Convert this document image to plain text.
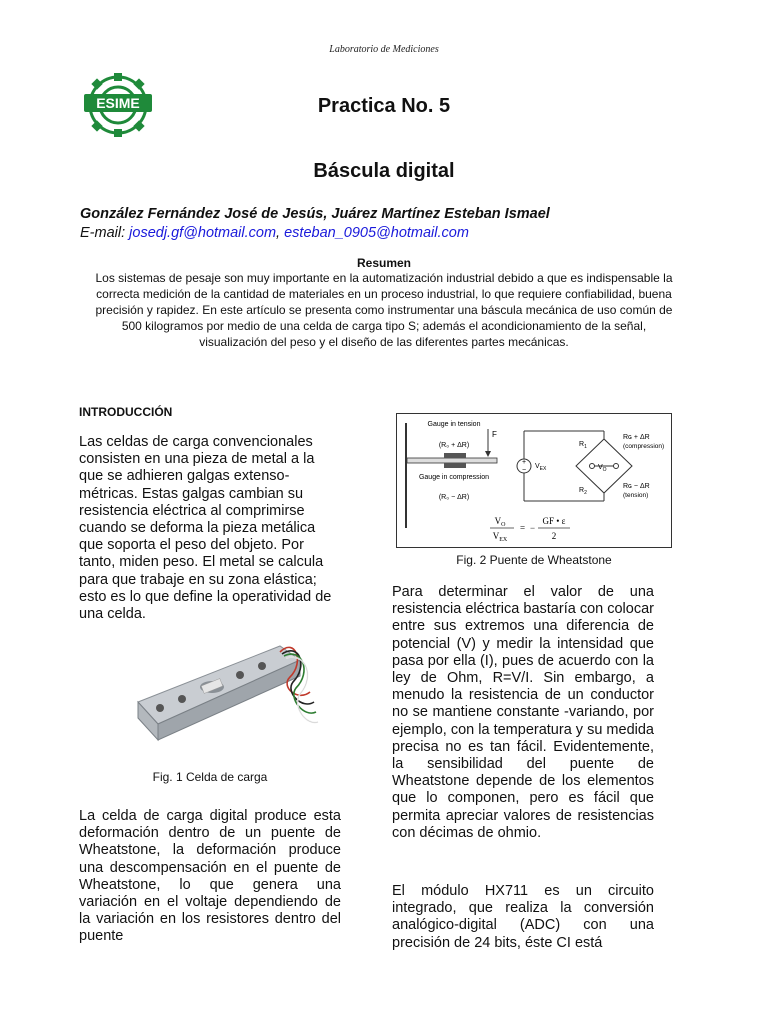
Laboratorio de Mediciones
ESIME	Practica No. 5
Báscula digital
González Fernández José de Jesús, Juárez Martínez Esteban Ismael
E-mail: josedj.gf@hotmail.com, esteban_0905@hotmail.com
Resumen
Los sistemas de pesaje son muy importante en la automatización industrial debido a que es indispensable la correcta medición de la cantidad de materiales en un proceso industrial, lo que requiere confiabilidad, buena precisión y rapidez. En este artículo se presenta como instrumentar una báscula mecánica de uso común de 500 kilogramos por medio de una celda de carga tipo S; además el acondicionamiento de la señal, visualización del peso y el diseño de las diferentes partes mecánicas.
INTRODUCCIÓN

Las celdas de carga convencionales consisten en una pieza de metal a la que se adhieren galgas extenso-métricas. Estas galgas cambian su resistencia eléctrica al comprimirse cuando se deforma la pieza metálica que soporta el peso del objeto. Por tanto, miden peso. El metal se calcula para que trabaje en su zona elástica; esto es lo que define la operatividad de una celda.

Fig. 1 Celda de carga

La celda de carga digital produce esta deformación dentro de un puente de Wheatstone, la deformación produce una descompensación en el puente de Wheatstone, lo que genera una variación en el voltaje dependiendo de la variación en los resistores dentro del puente

F
Gauge in tension
(R₀ + ΔR)
Gauge in compression
(R₀ − ΔR)
+
−
$V_{EX}$	$V_O$
$R_1$
$R_2$
Rɢ + ΔR
(compression)
Rɢ − ΔR
(tension)
$V_O$
$V_{EX}$
= −
GF • ε
2
Fig. 2 Puente de Wheatstone

Para determinar el valor de una resistencia eléctrica bastaría con colocar entre sus extremos una diferencia de potencial (V) y medir la intensidad que pasa por ella (I), pues de acuerdo con la ley de Ohm, R=V/I. Sin embargo, a menudo la resistencia de un conductor no se mantiene constante -variando, por ejemplo, con la temperatura y su medida precisa no es tan fácil. Evidentemente, la sensibilidad del puente de Wheatstone depende de los elementos que lo componen, pero es fácil que permita apreciar valores de resistencias con décimas de ohmio.

El módulo HX711 es un circuito integrado, que realiza la conversión analógico-digital (ADC) con una precisión de 24 bits, éste CI está
